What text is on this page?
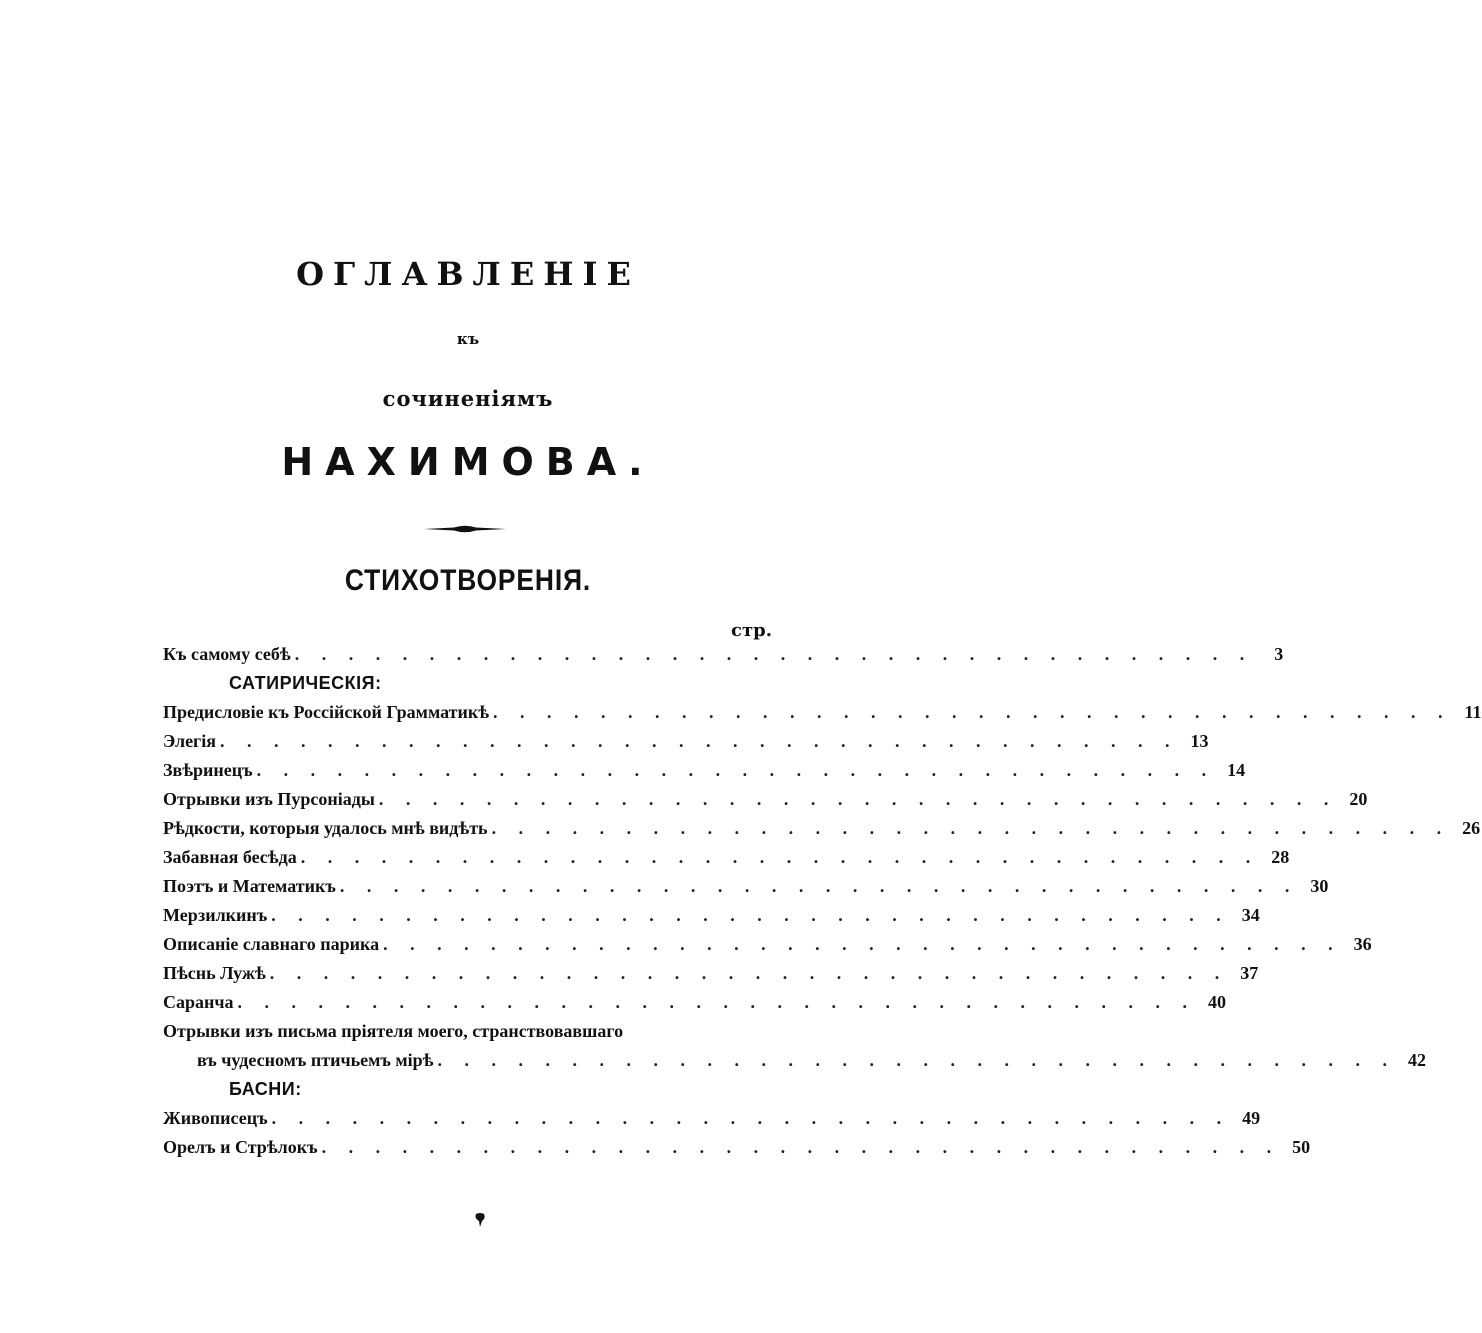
ОГЛАВЛЕНIЕ
къ
сочиненiямъ
НАХИМОВА.
СТИХОТВОРЕНIЯ.
стр.
Къ самому себѣ . . . . . . . . . . . . . . . . . . . . . . . . . . . . . . . . . . . .	3
САТИРИЧЕСКIЯ:
Предисловiе къ Россiйской Грамматикѣ . . . . . . . . . . . . . . . . . . . . . . . . . . . . . . . . . . . . 11
Элегiя . . . . . . . . . . . . . . . . . . . . . . . . . . . . . . . . . . . . 13
Звѣринецъ . . . . . . . . . . . . . . . . . . . . . . . . . . . . . . . . . . . . 14
Отрывки изъ Пурсонiады . . . . . . . . . . . . . . . . . . . . . . . . . . . . . . . . . . . . 20
Рѣдкости, которыя удалось мнѣ видѣть . . . . . . . . . . . . . . . . . . . . . . . . . . . . . . . . . . . . 26
Забавная бесѣда . . . . . . . . . . . . . . . . . . . . . . . . . . . . . . . . . . . . 28
Поэтъ и Математикъ . . . . . . . . . . . . . . . . . . . . . . . . . . . . . . . . . . . . 30
Мерзилкинъ . . . . . . . . . . . . . . . . . . . . . . . . . . . . . . . . . . . . 34
Описанiе славнаго парика . . . . . . . . . . . . . . . . . . . . . . . . . . . . . . . . . . . . 36
Пѣснь Лужѣ . . . . . . . . . . . . . . . . . . . . . . . . . . . . . . . . . . . . 37
Саранча . . . . . . . . . . . . . . . . . . . . . . . . . . . . . . . . . . . . 40
Отрывки изъ письма прiятеля моего, странствовавшаго
въ чудесномъ птичьемъ мiрѣ . . . . . . . . . . . . . . . . . . . . . . . . . . . . . . . . . . . . 42
БАСНИ:
Живописецъ . . . . . . . . . . . . . . . . . . . . . . . . . . . . . . . . . . . . 49
Орелъ и Стрѣлокъ . . . . . . . . . . . . . . . . . . . . . . . . . . . . . . . . . . . . 50
